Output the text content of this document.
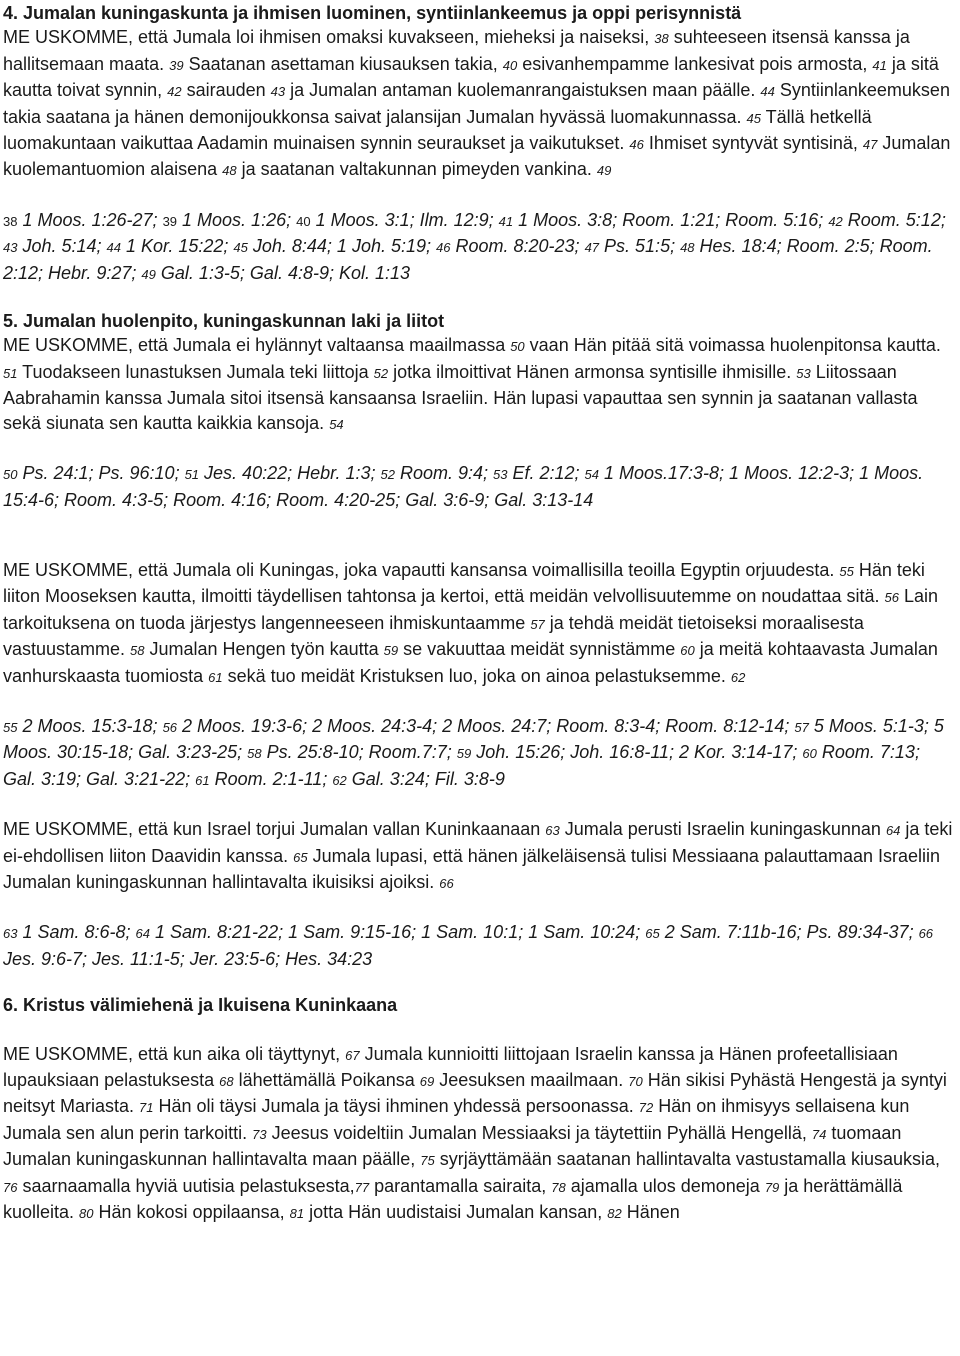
4. Jumalan kuningaskunta ja ihmisen luominen, syntiinlankeemus ja oppi perisynnistä
ME USKOMME, että Jumala loi ihmisen omaksi kuvakseen, mieheksi ja naiseksi, 38 suhteeseen itsensä kanssa ja hallitsemaan maata. 39 Saatanan asettaman kiusauksen takia, 40 esivanhempamme lankesivat pois armosta, 41 ja sitä kautta toivat synnin, 42 sairauden 43 ja Jumalan antaman kuolemanrangaistuksen maan päälle. 44 Syntiinlankeemuksen takia saatana ja hänen demonijoukkonsa saivat jalansijan Jumalan hyvässä luomakunnassa. 45 Tällä hetkellä luomakuntaan vaikuttaa Aadamin muinaisen synnin seuraukset ja vaikutukset. 46 Ihmiset syntyvät syntisinä, 47 Jumalan kuolemantuomion alaisena 48 ja saatanan valtakunnan pimeyden vankina. 49
38 1 Moos. 1:26-27; 39 1 Moos. 1:26; 40 1 Moos. 3:1; Ilm. 12:9; 41 1 Moos. 3:8; Room. 1:21; Room. 5:16; 42 Room. 5:12; 43 Joh. 5:14; 44 1 Kor. 15:22; 45 Joh. 8:44; 1 Joh. 5:19; 46 Room. 8:20-23; 47 Ps. 51:5; 48 Hes. 18:4; Room. 2:5; Room. 2:12; Hebr. 9:27; 49 Gal. 1:3-5; Gal. 4:8-9; Kol. 1:13
5. Jumalan huolenpito, kuningaskunnan laki ja liitot
ME USKOMME, että Jumala ei hylännyt valtaansa maailmassa 50 vaan Hän pitää sitä voimassa huolenpitonsa kautta. 51 Tuodakseen lunastuksen Jumala teki liittoja 52 jotka ilmoittivat Hänen armonsa syntisille ihmisille. 53 Liitossaan Aabrahamin kanssa Jumala sitoi itsensä kansaansa Israeliin. Hän lupasi vapauttaa sen synnin ja saatanan vallasta sekä siunata sen kautta kaikkia kansoja. 54
50 Ps. 24:1; Ps. 96:10; 51 Jes. 40:22; Hebr. 1:3; 52 Room. 9:4; 53 Ef. 2:12; 54 1 Moos.17:3-8; 1 Moos. 12:2-3; 1 Moos. 15:4-6; Room. 4:3-5; Room. 4:16; Room. 4:20-25; Gal. 3:6-9; Gal. 3:13-14
ME USKOMME, että Jumala oli Kuningas, joka vapautti kansansa voimallisilla teoilla Egyptin orjuudesta. 55 Hän teki liiton Mooseksen kautta, ilmoitti täydellisen tahtonsa ja kertoi, että meidän velvollisuutemme on noudattaa sitä. 56 Lain tarkoituksena on tuoda järjestys langenneeseen ihmiskuntaamme 57 ja tehdä meidät tietoiseksi moraalisesta vastuustamme. 58 Jumalan Hengen työn kautta 59 se vakuuttaa meidät synnistämme 60 ja meitä kohtaavasta Jumalan vanhurskaasta tuomiosta 61 sekä tuo meidät Kristuksen luo, joka on ainoa pelastuksemme. 62
55 2 Moos. 15:3-18; 56 2 Moos. 19:3-6; 2 Moos. 24:3-4; 2 Moos. 24:7; Room. 8:3-4; Room. 8:12-14; 57 5 Moos. 5:1-3; 5 Moos. 30:15-18; Gal. 3:23-25; 58 Ps. 25:8-10; Room.7:7; 59 Joh. 15:26; Joh. 16:8-11; 2 Kor. 3:14-17; 60 Room. 7:13; Gal. 3:19; Gal. 3:21-22; 61 Room. 2:1-11; 62 Gal. 3:24; Fil. 3:8-9
ME USKOMME, että kun Israel torjui Jumalan vallan Kuninkaanaan 63 Jumala perusti Israelin kuningaskunnan 64 ja teki ei-ehdollisen liiton Daavidin kanssa. 65 Jumala lupasi, että hänen jälkeläisensä tulisi Messiaana palauttamaan Israeliin Jumalan kuningaskunnan hallintavalta ikuisiksi ajoiksi. 66
63 1 Sam. 8:6-8; 64 1 Sam. 8:21-22; 1 Sam. 9:15-16; 1 Sam. 10:1; 1 Sam. 10:24; 65 2 Sam. 7:11b-16; Ps. 89:34-37; 66 Jes. 9:6-7; Jes. 11:1-5; Jer. 23:5-6; Hes. 34:23
6. Kristus välimiehenä ja Ikuisena Kuninkaana
ME USKOMME, että kun aika oli täyttynyt, 67 Jumala kunnioitti liittojaan Israelin kanssa ja Hänen profeetallisiaan lupauksiaan pelastuksesta 68 lähettämällä Poikansa 69 Jeesuksen maailmaan. 70 Hän sikisi Pyhästä Hengestä ja syntyi neitsyt Mariasta. 71 Hän oli täysi Jumala ja täysi ihminen yhdessä persoonassa. 72 Hän on ihmisyys sellaisena kun Jumala sen alun perin tarkoitti. 73 Jeesus voideltiin Jumalan Messiaaksi ja täytettiin Pyhällä Hengellä, 74 tuomaan Jumalan kuningaskunnan hallintavalta maan päälle, 75 syrjäyttämään saatanan hallintavalta vastustamalla kiusauksia, 76 saarnaamalla hyviä uutisia pelastuksesta,77 parantamalla sairaita, 78 ajamalla ulos demoneja 79 ja herättämällä kuolleita. 80 Hän kokosi oppilaansa, 81 jotta Hän uudistaisi Jumalan kansan, 82 Hänen
